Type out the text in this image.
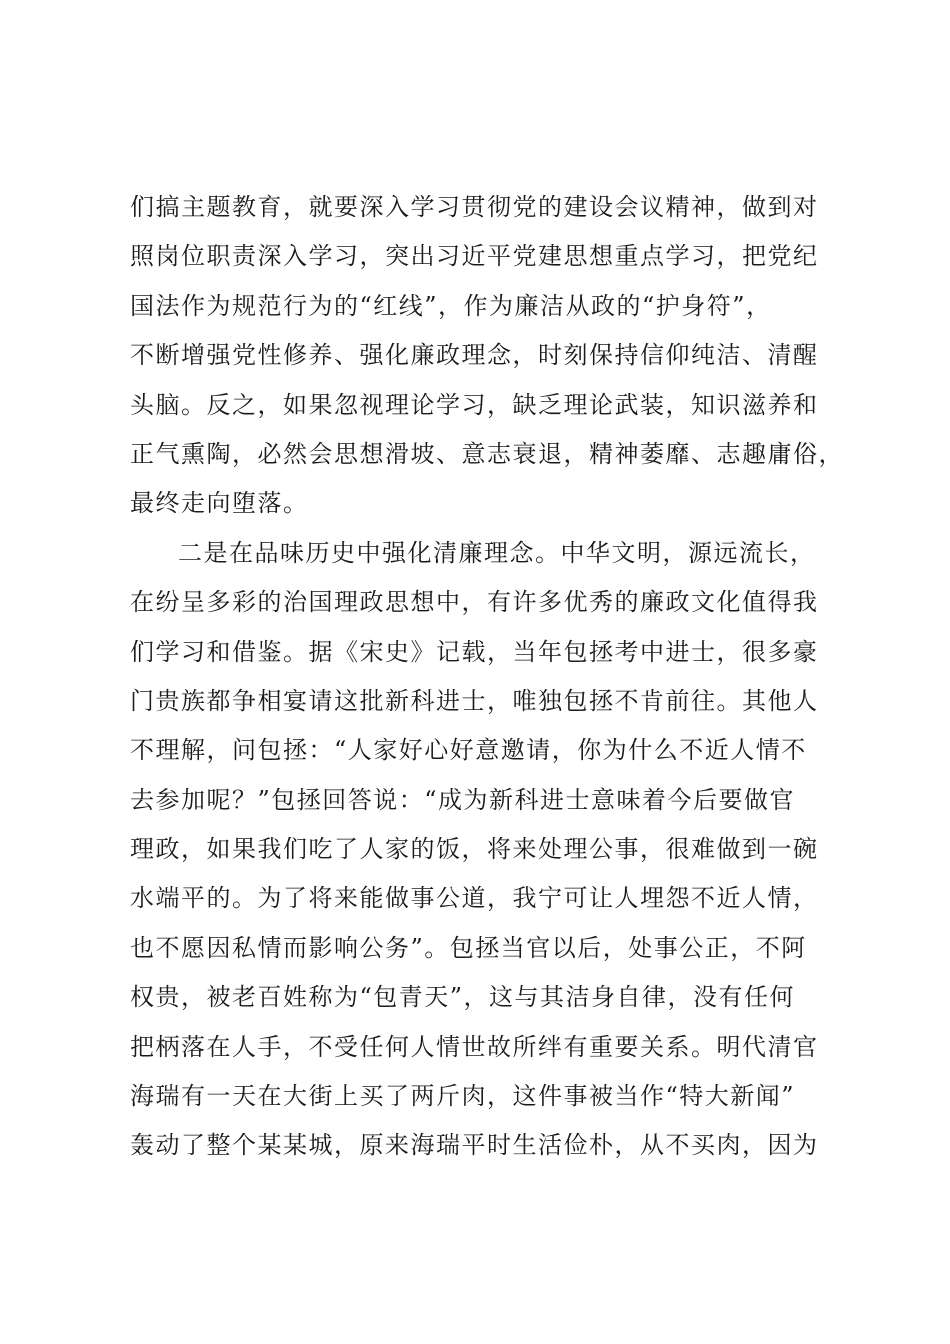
们搞主题教育，就要深入学习贯彻党的建设会议精神，做到对
照岗位职责深入学习，突出习近平党建思想重点学习，把党纪
国法作为规范行为的“红线”，作为廉洁从政的“护身符”，
不断增强党性修养、强化廉政理念，时刻保持信仰纯洁、清醒
头脑。反之，如果忽视理论学习，缺乏理论武装，知识滋养和
正气熏陶，必然会思想滑坡、意志衰退，精神萎靡、志趣庸俗，
最终走向堕落。
二是在品味历史中强化清廉理念。中华文明，源远流长，
在纷呈多彩的治国理政思想中，有许多优秀的廉政文化值得我
们学习和借鉴。据《宋史》记载，当年包拯考中进士，很多豪
门贵族都争相宴请这批新科进士，唯独包拯不肯前往。其他人
不理解，问包拯：“人家好心好意邀请，你为什么不近人情不
去参加呢？”包拯回答说：“成为新科进士意味着今后要做官
理政，如果我们吃了人家的饭，将来处理公事，很难做到一碗
水端平的。为了将来能做事公道，我宁可让人埋怨不近人情，
也不愿因私情而影响公务”。包拯当官以后，处事公正，不阿
权贵，被老百姓称为“包青天”，这与其洁身自律，没有任何
把柄落在人手，不受任何人情世故所绊有重要关系。明代清官
海瑞有一天在大街上买了两斤肉，这件事被当作“特大新闻”
轰动了整个某某城，原来海瑞平时生活俭朴，从不买肉，因为
